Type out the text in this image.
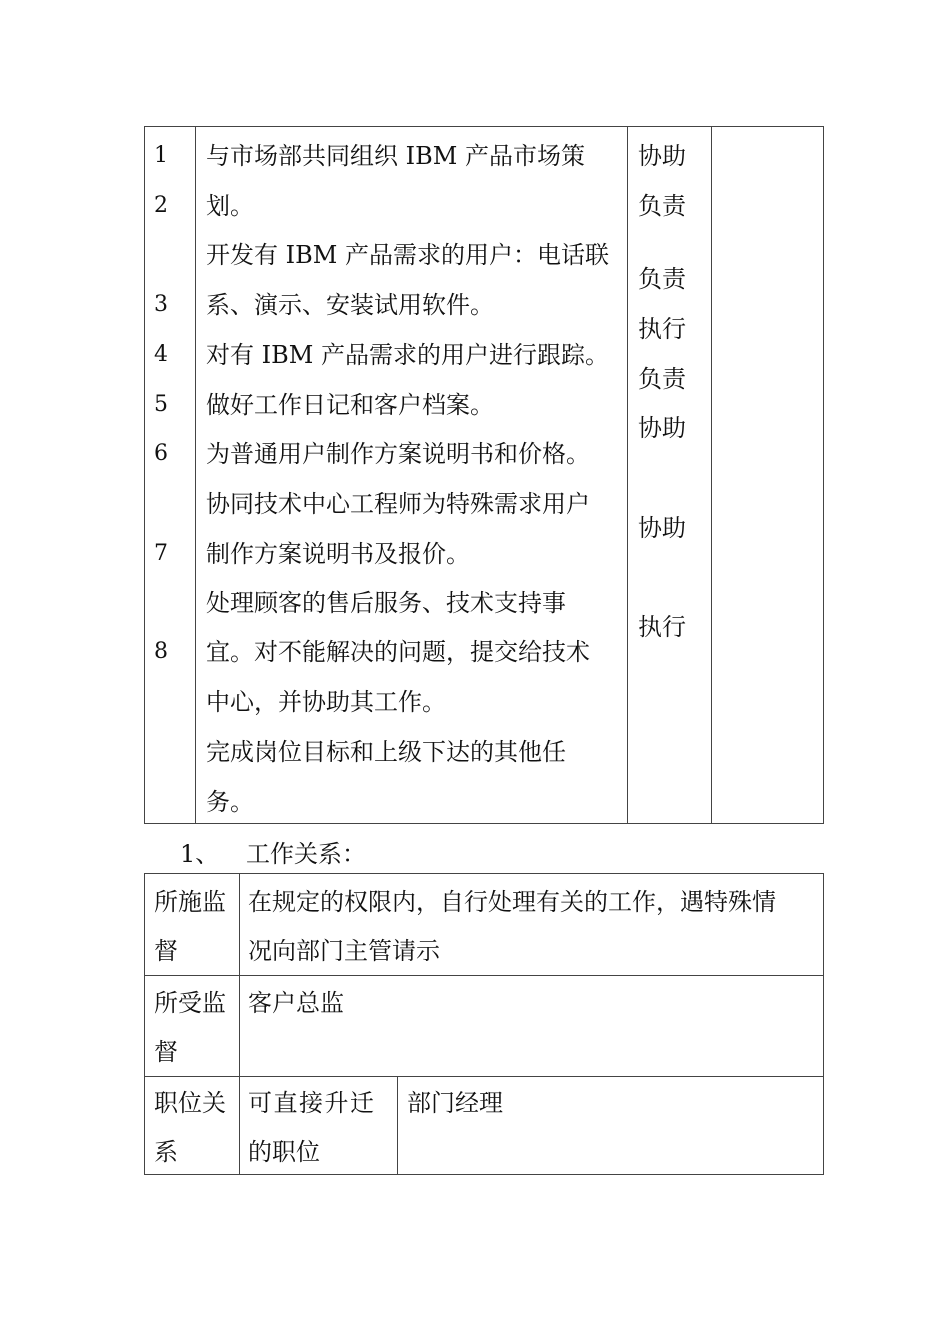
1
2
3
4
5
6
7
8
与市场部共同组织 IBM 产品市场策
划。
开发有 IBM 产品需求的用户：电话联
系、演示、安装试用软件。
对有 IBM 产品需求的用户进行跟踪。
做好工作日记和客户档案。
为普通用户制作方案说明书和价格。
协同技术中心工程师为特殊需求用户
制作方案说明书及报价。
处理顾客的售后服务、技术支持事
宜。对不能解决的问题，提交给技术
中心，并协助其工作。
完成岗位目标和上级下达的其他任
务。
协助
负责
负责
执行
负责
协助
协助
执行
1、 工作关系：
所施监
督
在规定的权限内，自行处理有关的工作，遇特殊情
况向部门主管请示
所受监
督
客户总监
职位关
系
可直接升迁
的职位
部门经理
